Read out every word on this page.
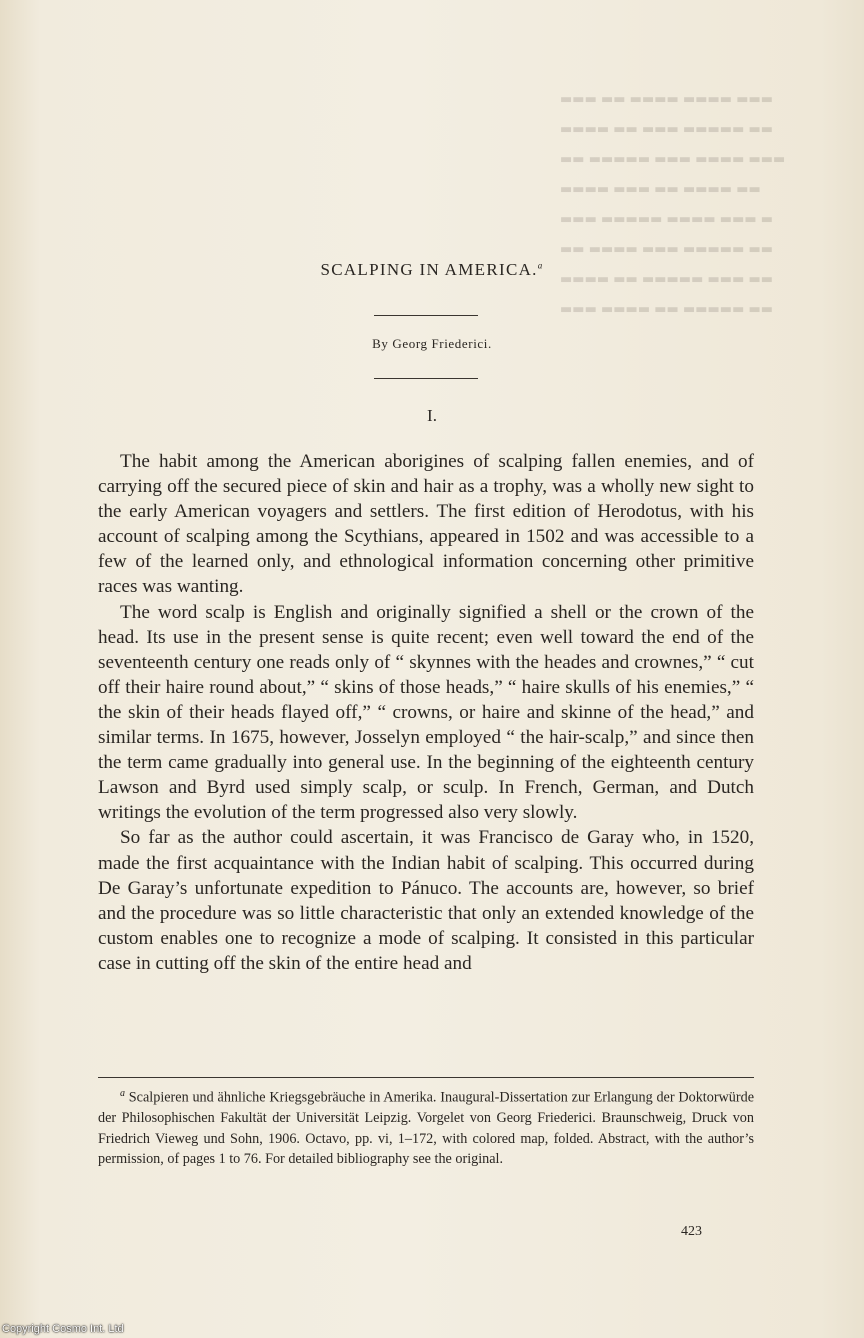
▬▬▬ ▬▬ ▬▬▬▬ ▬▬▬▬ ▬▬▬
▬▬▬▬ ▬▬ ▬▬▬ ▬▬▬▬▬ ▬▬
▬▬ ▬▬▬▬▬ ▬▬▬ ▬▬▬▬ ▬▬▬
▬▬▬▬ ▬▬▬ ▬▬ ▬▬▬▬ ▬▬
▬▬▬ ▬▬▬▬▬ ▬▬▬▬ ▬▬▬ ▬
▬▬ ▬▬▬▬ ▬▬▬ ▬▬▬▬▬ ▬▬
▬▬▬▬ ▬▬ ▬▬▬▬▬ ▬▬▬ ▬▬
▬▬▬ ▬▬▬▬ ▬▬ ▬▬▬▬▬ ▬▬
SCALPING IN AMERICA.$^a$
By Georg Friederici.
I.

The habit among the American aborigines of scalping fallen enemies, and of carrying off the secured piece of skin and hair as a trophy, was a wholly new sight to the early American voyagers and settlers. The first edition of Herodotus, with his account of scalping among the Scythians, appeared in 1502 and was accessible to a few of the learned only, and ethnological information concerning other primitive races was wanting.

The word scalp is English and originally signified a shell or the crown of the head. Its use in the present sense is quite recent; even well toward the end of the seventeenth century one reads only of “ skynnes with the heades and crownes,” “ cut off their haire round about,” “ skins of those heads,” “ haire skulls of his enemies,” “ the skin of their heads flayed off,” “ crowns, or haire and skinne of the head,” and similar terms. In 1675, however, Josselyn employed “ the hair-scalp,” and since then the term came gradually into general use. In the beginning of the eighteenth century Lawson and Byrd used simply scalp, or sculp. In French, German, and Dutch writings the evolution of the term progressed also very slowly.

So far as the author could ascertain, it was Francisco de Garay who, in 1520, made the first acquaintance with the Indian habit of scalping. This occurred during De Garay’s unfortunate expedition to Pánuco. The accounts are, however, so brief and the procedure was so little characteristic that only an extended knowledge of the custom enables one to recognize a mode of scalping. It consisted in this particular case in cutting off the skin of the entire head and

$^a$ Scalpieren und ähnliche Kriegsgebräuche in Amerika. Inaugural-Dissertation zur Erlangung der Doktorwürde der Philosophischen Fakultät der Universität Leipzig. Vorgelet von Georg Friederici. Braunschweig, Druck von Friedrich Vieweg und Sohn, 1906. Octavo, pp. vi, 1–172, with colored map, folded. Abstract, with the author’s permission, of pages 1 to 76. For detailed bibliography see the original.

423
Copyright Cosmo Int. Ltd
